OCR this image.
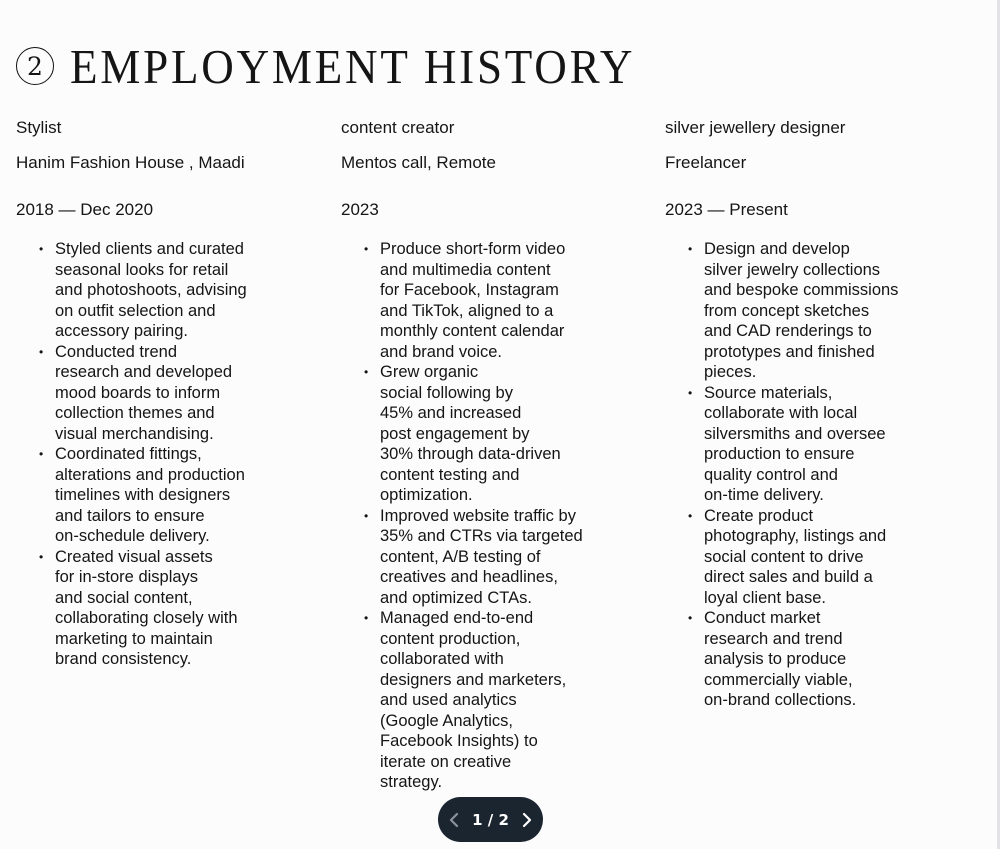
2 EMPLOYMENT HISTORY
Stylist
Hanim Fashion House , Maadi
2018 — Dec 2020
• Styled clients and curated
seasonal looks for retail
and photoshoots, advising
on outfit selection and
accessory pairing.
• Conducted trend
research and developed
mood boards to inform
collection themes and
visual merchandising.
• Coordinated fittings,
alterations and production
timelines with designers
and tailors to ensure
on-schedule delivery.
• Created visual assets
for in-store displays
and social content,
collaborating closely with
marketing to maintain
brand consistency.
content creator
Mentos call, Remote
2023
• Produce short-form video
and multimedia content
for Facebook, Instagram
and TikTok, aligned to a
monthly content calendar
and brand voice.
• Grew organic
social following by
45% and increased
post engagement by
30% through data-driven
content testing and
optimization.
• Improved website traffic by
35% and CTRs via targeted
content, A/B testing of
creatives and headlines,
and optimized CTAs.
• Managed end-to-end
content production,
collaborated with
designers and marketers,
and used analytics
(Google Analytics,
Facebook Insights) to
iterate on creative
strategy.
silver jewellery designer
Freelancer
2023 — Present
• Design and develop
silver jewelry collections
and bespoke commissions
from concept sketches
and CAD renderings to
prototypes and finished
pieces.
• Source materials,
collaborate with local
silversmiths and oversee
production to ensure
quality control and
on-time delivery.
• Create product
photography, listings and
social content to drive
direct sales and build a
loyal client base.
• Conduct market
research and trend
analysis to produce
commercially viable,
on-brand collections.
1 / 2
